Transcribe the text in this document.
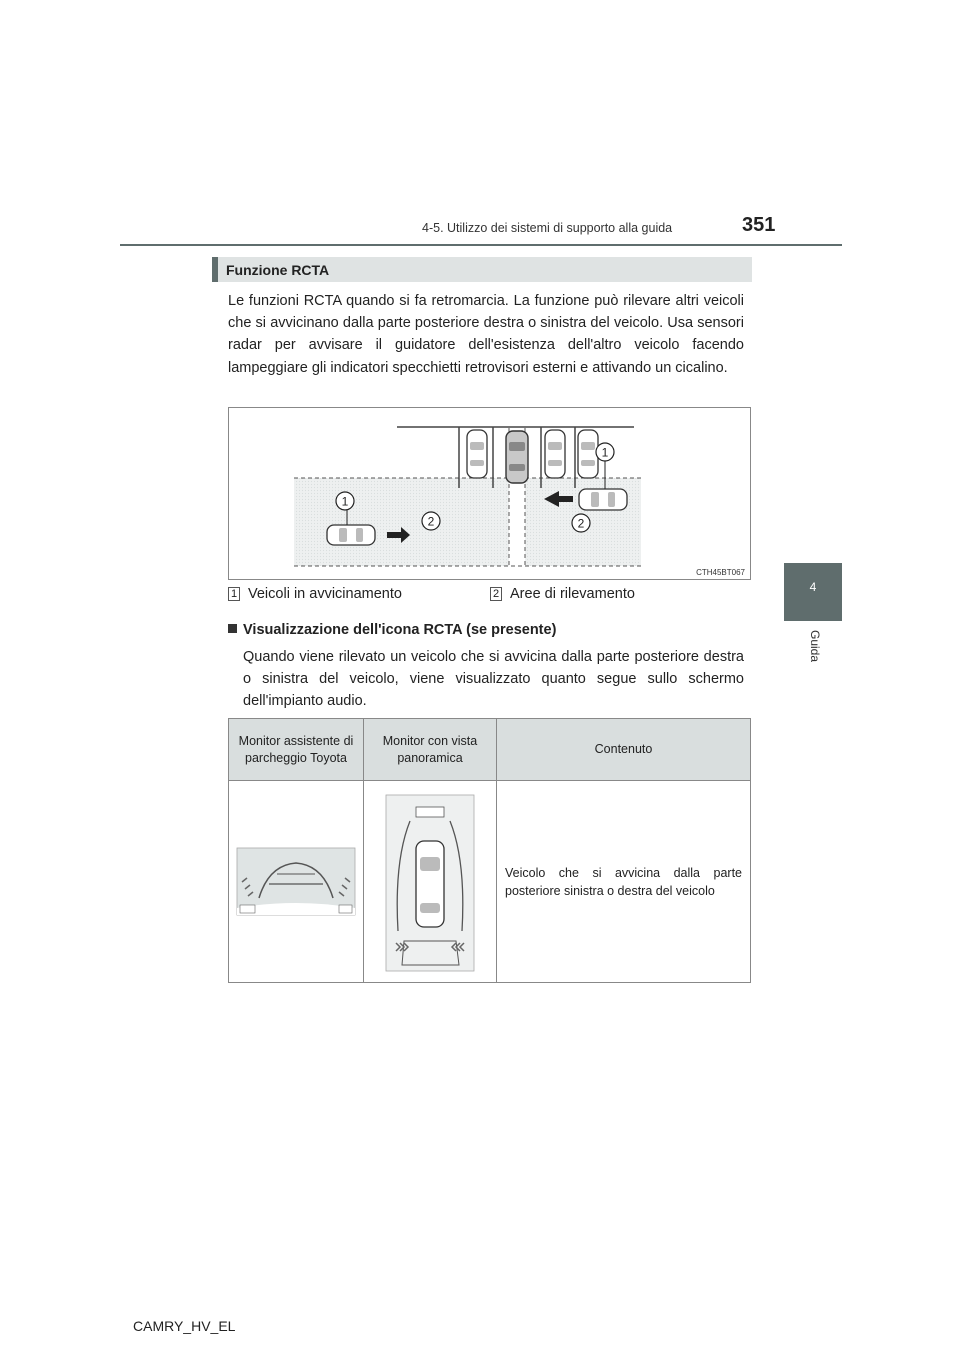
4-5. Utilizzo dei sistemi di supporto alla guida	351
4
Guida
Funzione RCTA
Le funzioni RCTA quando si fa retromarcia. La funzione può rilevare altri veicoli che si avvicinano dalla parte posteriore destra o sinistra del veicolo. Usa sensori radar per avvisare il guidatore dell'esistenza dell'altro veicolo facendo lampeggiare gli indicatori specchietti retrovisori esterni e attivando un cicalino.
1
1
2	2
CTH45BT067
1 Veicoli in avvicinamento	2 Aree di rilevamento
Visualizzazione dell'icona RCTA (se presente)
Quando viene rilevato un veicolo che si avvicina dalla parte posteriore destra o sinistra del veicolo, viene visualizzato quanto segue sullo schermo dell'impianto audio.
Monitor assistente di parcheggio Toyota	Monitor con vista panoramica	Contenuto

Veicolo che si avvicina dalla parte posteriore sinistra o destra del veicolo
CAMRY_HV_EL
